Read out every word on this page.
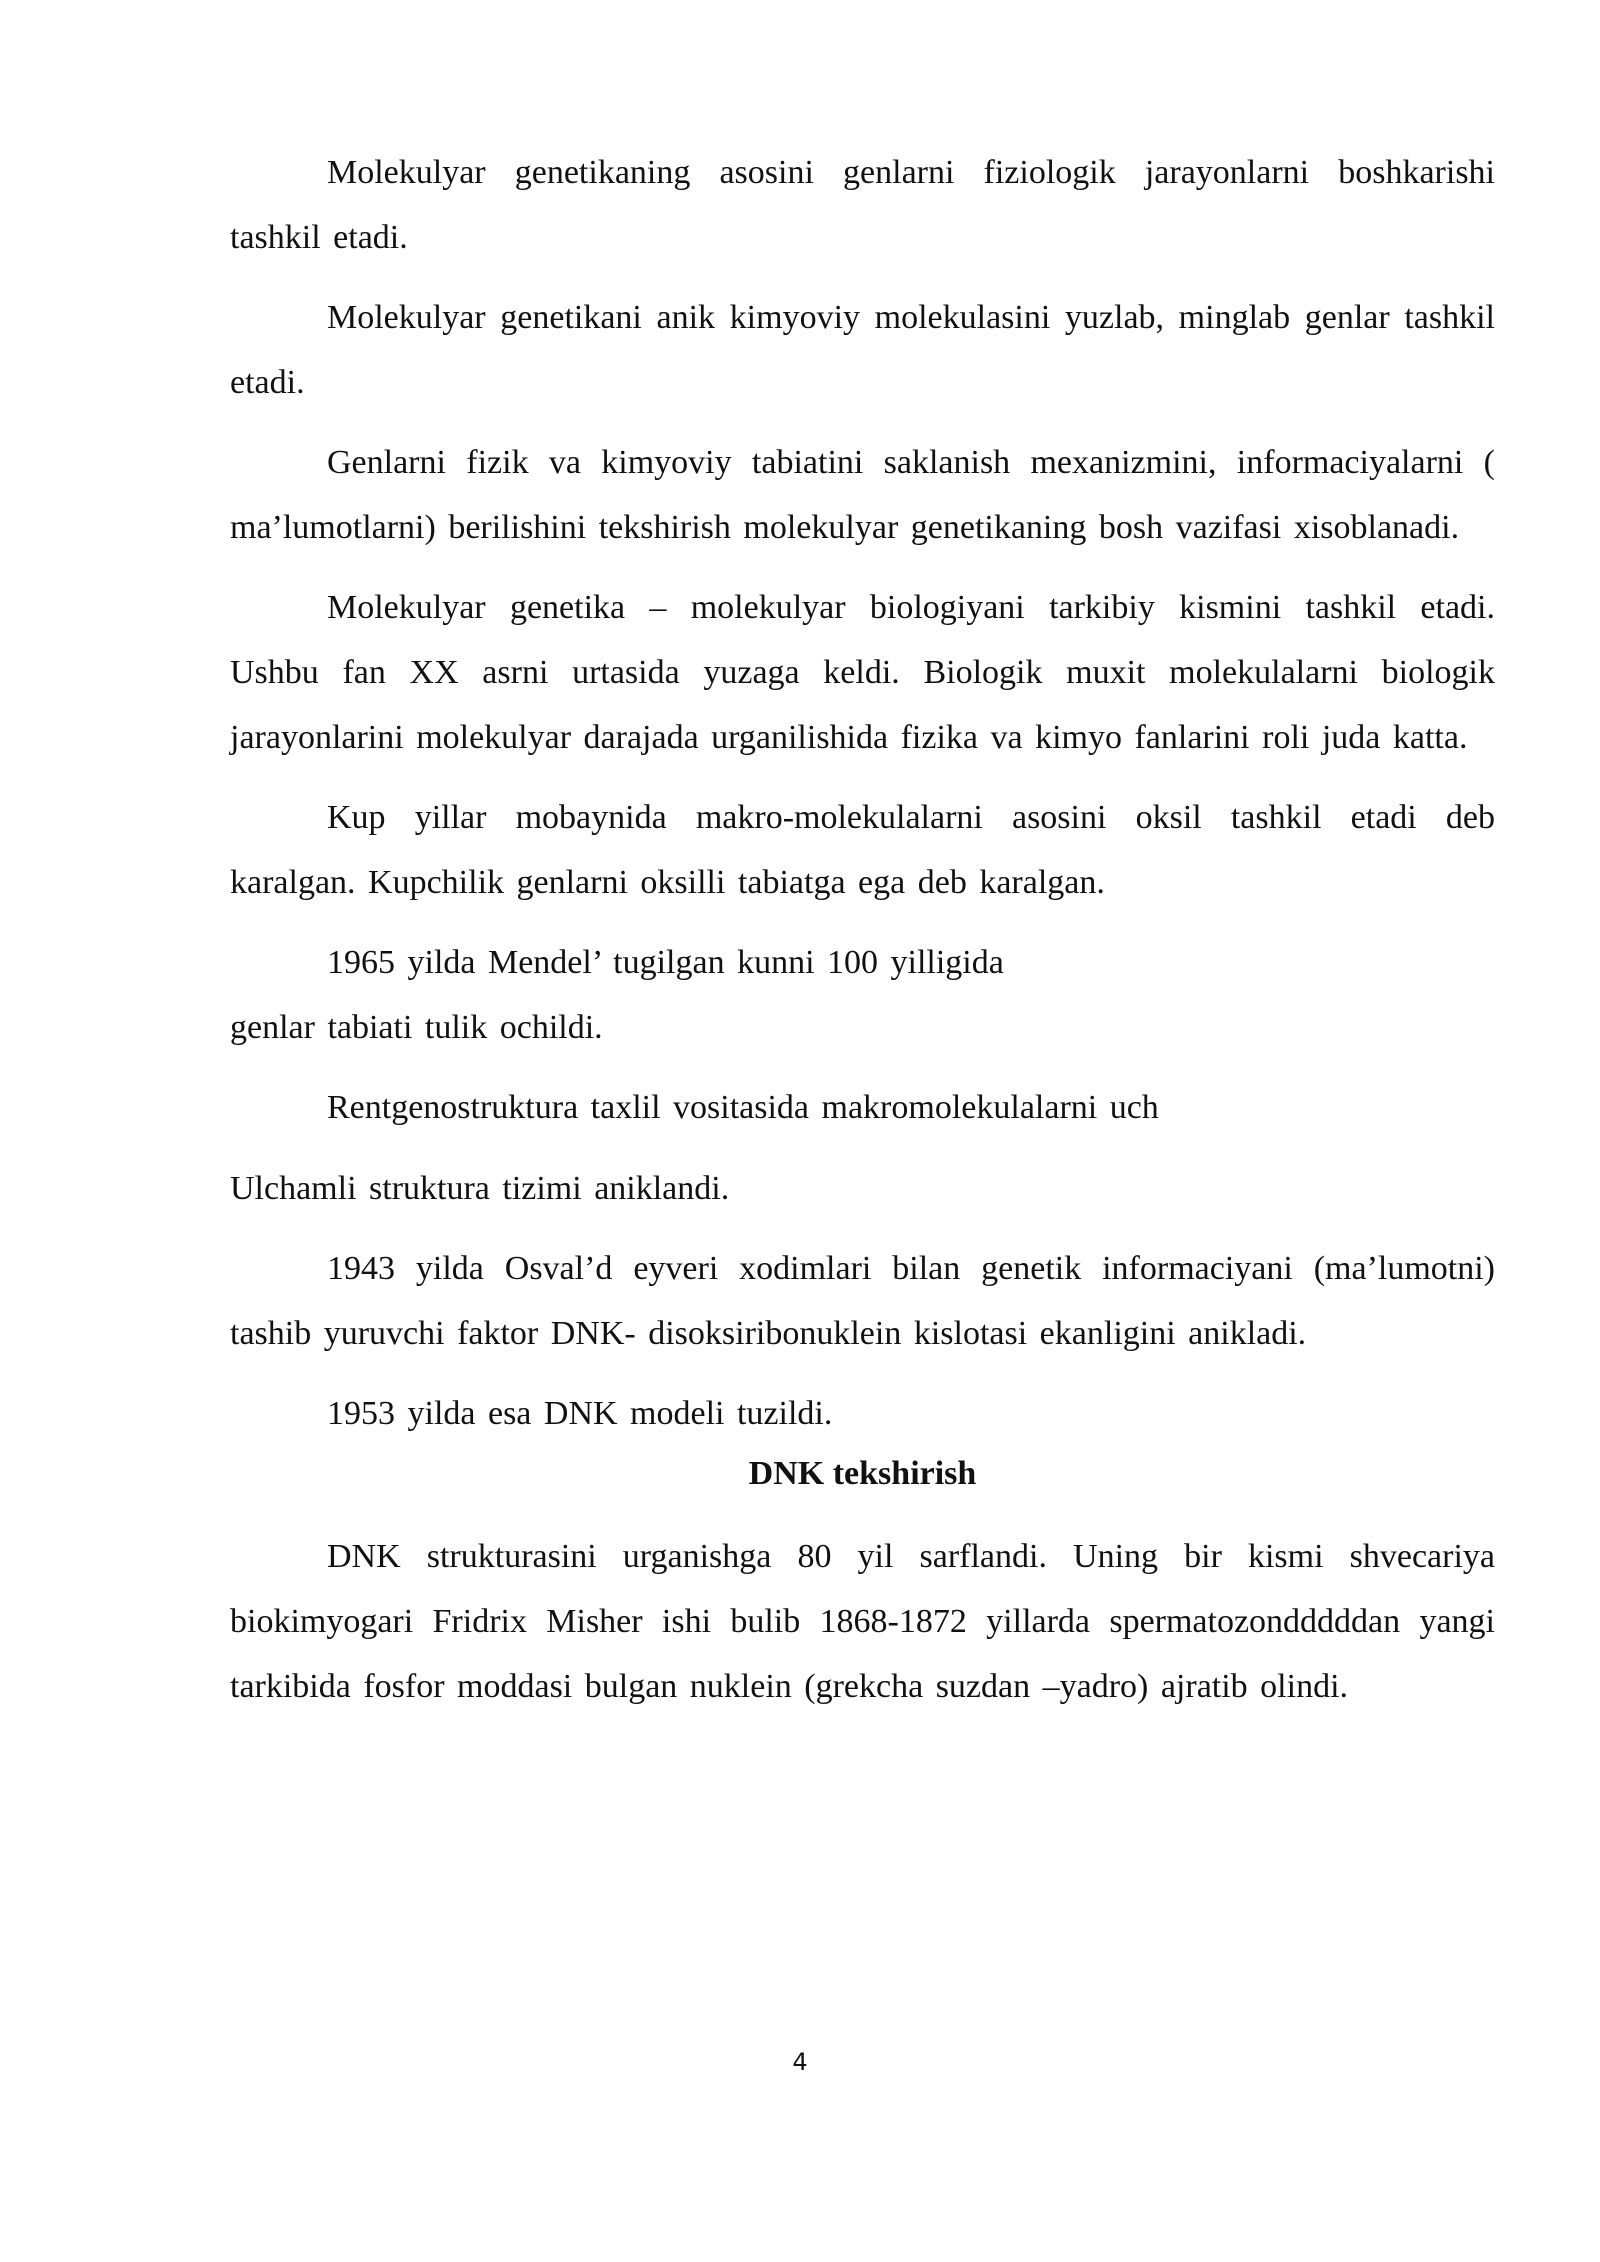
Molekulyar genetikaning asosini genlarni fiziologik jarayonlarni boshkarishi tashkil etadi.

Molekulyar genetikani anik kimyoviy molekulasini yuzlab, minglab genlar tashkil etadi.

Genlarni fizik va kimyoviy tabiatini saklanish mexanizmini, informaciyalarni ( ma’lumotlarni) berilishini tekshirish molekulyar genetikaning bosh vazifasi xisoblanadi.

Molekulyar genetika – molekulyar biologiyani tarkibiy kismini tashkil etadi. Ushbu fan XX asrni urtasida yuzaga keldi. Biologik muxit molekulalarni biologik jarayonlarini molekulyar darajada urganilishida fizika va kimyo fanlarini roli juda katta.

Kup yillar mobaynida makro-molekulalarni asosini oksil tashkil etadi deb karalgan. Kupchilik genlarni oksilli tabiatga ega deb karalgan.

1965 yilda Mendel’ tugilgan kunni 100 yilligida
genlar tabiati tulik ochildi.

Rentgenostruktura taxlil vositasida makromolekulalarni uch
Ulchamli struktura tizimi aniklandi.

1943 yilda Osval’d eyveri xodimlari bilan genetik informaciyani (ma’lumotni) tashib yuruvchi faktor DNK- disoksiribonuklein kislotasi ekanligini anikladi.

1953 yilda esa DNK modeli tuzildi.

DNK tekshirish

DNK strukturasini urganishga 80 yil sarflandi. Uning bir kismi shvecariya biokimyogari Fridrix Misher ishi bulib 1868-1872 yillarda spermatozondddddan yangi tarkibida fosfor moddasi bulgan nuklein (grekcha suzdan –yadro) ajratib olindi.

4
